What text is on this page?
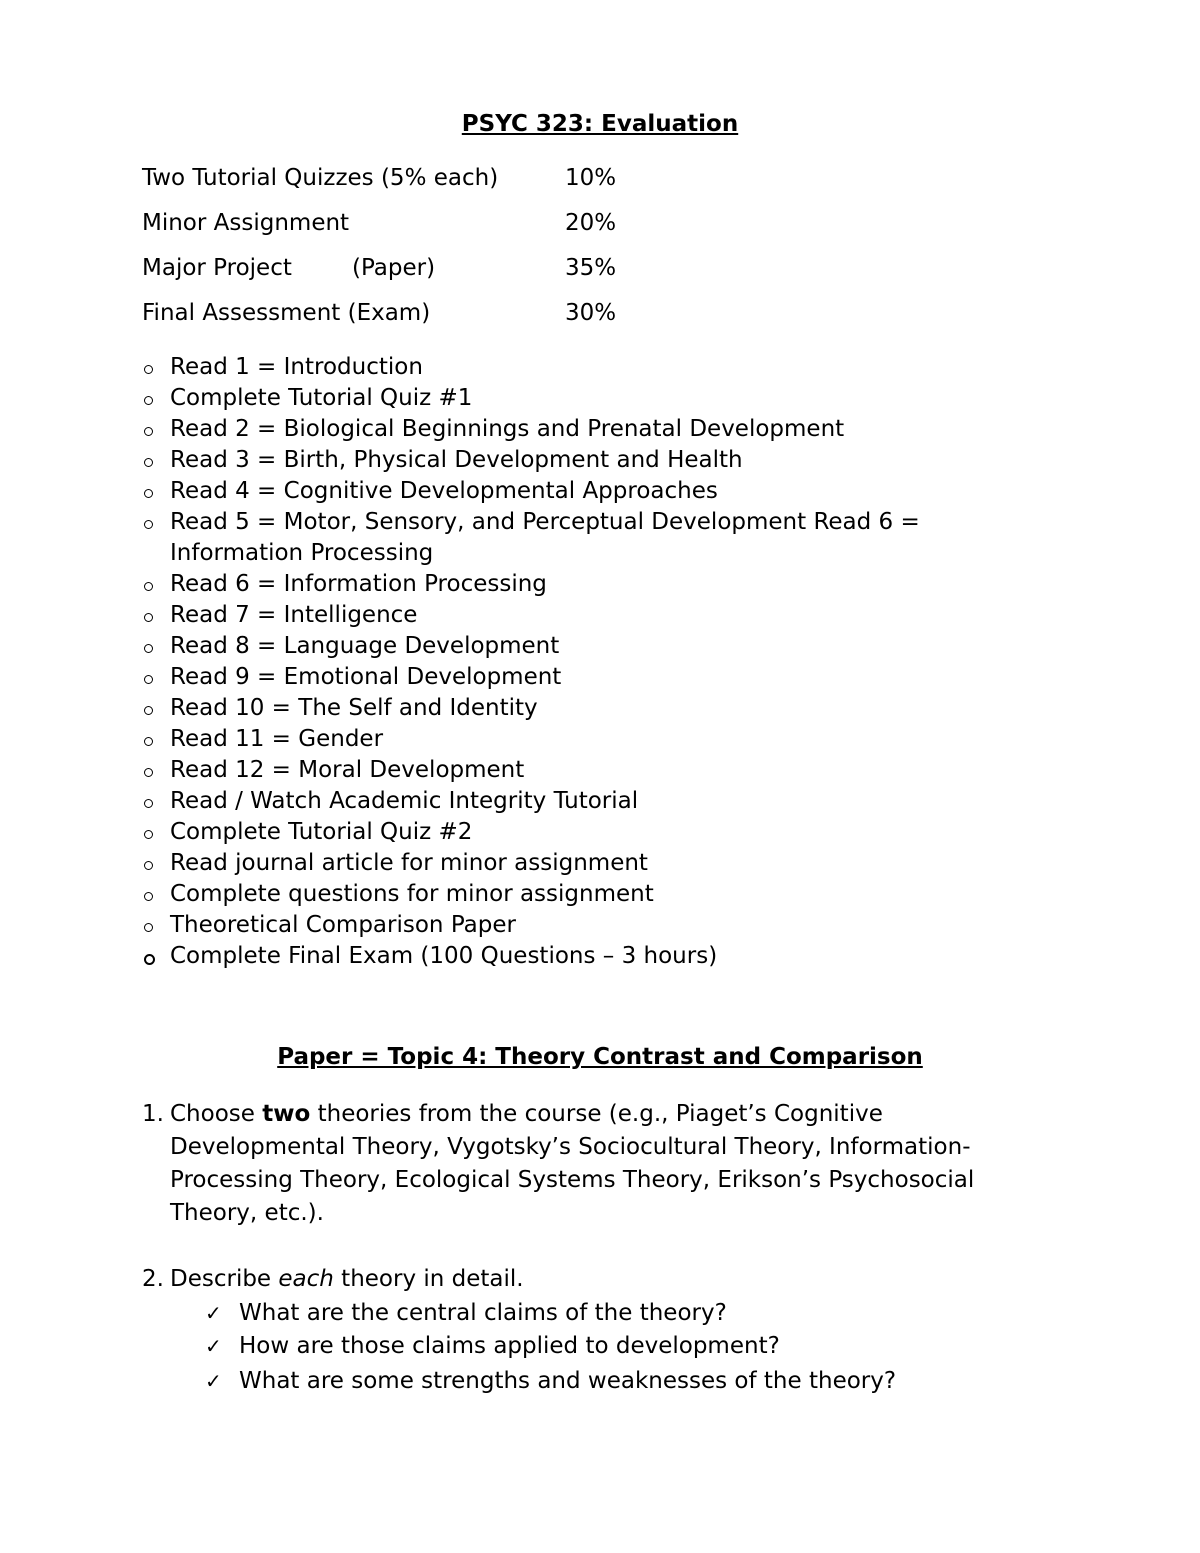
PSYC 323: Evaluation
Two Tutorial Quizzes (5% each)	10%
Minor Assignment	20%
Major Project	(Paper)	35%
Final Assessment (Exam)	30%
Read 1 = Introduction
Complete Tutorial Quiz #1
Read 2 = Biological Beginnings and Prenatal Development
Read 3 = Birth, Physical Development and Health
Read 4 = Cognitive Developmental Approaches
Read 5 = Motor, Sensory, and Perceptual Development Read 6 = Information Processing
Read 6 = Information Processing
Read 7 = Intelligence
Read 8 = Language Development
Read 9 = Emotional Development
Read 10 = The Self and Identity
Read 11 = Gender
Read 12 = Moral Development
Read / Watch Academic Integrity Tutorial
Complete Tutorial Quiz #2
Read journal article for minor assignment
Complete questions for minor assignment
Theoretical Comparison Paper
Complete Final Exam (100 Questions – 3 hours)
Paper = Topic 4: Theory Contrast and Comparison
1. Choose two theories from the course (e.g., Piaget’s Cognitive Developmental Theory, Vygotsky’s Sociocultural Theory, Information-Processing Theory, Ecological Systems Theory, Erikson’s Psychosocial Theory, etc.).
2. Describe each theory in detail.
✓ What are the central claims of the theory?
✓ How are those claims applied to development?
✓ What are some strengths and weaknesses of the theory?
